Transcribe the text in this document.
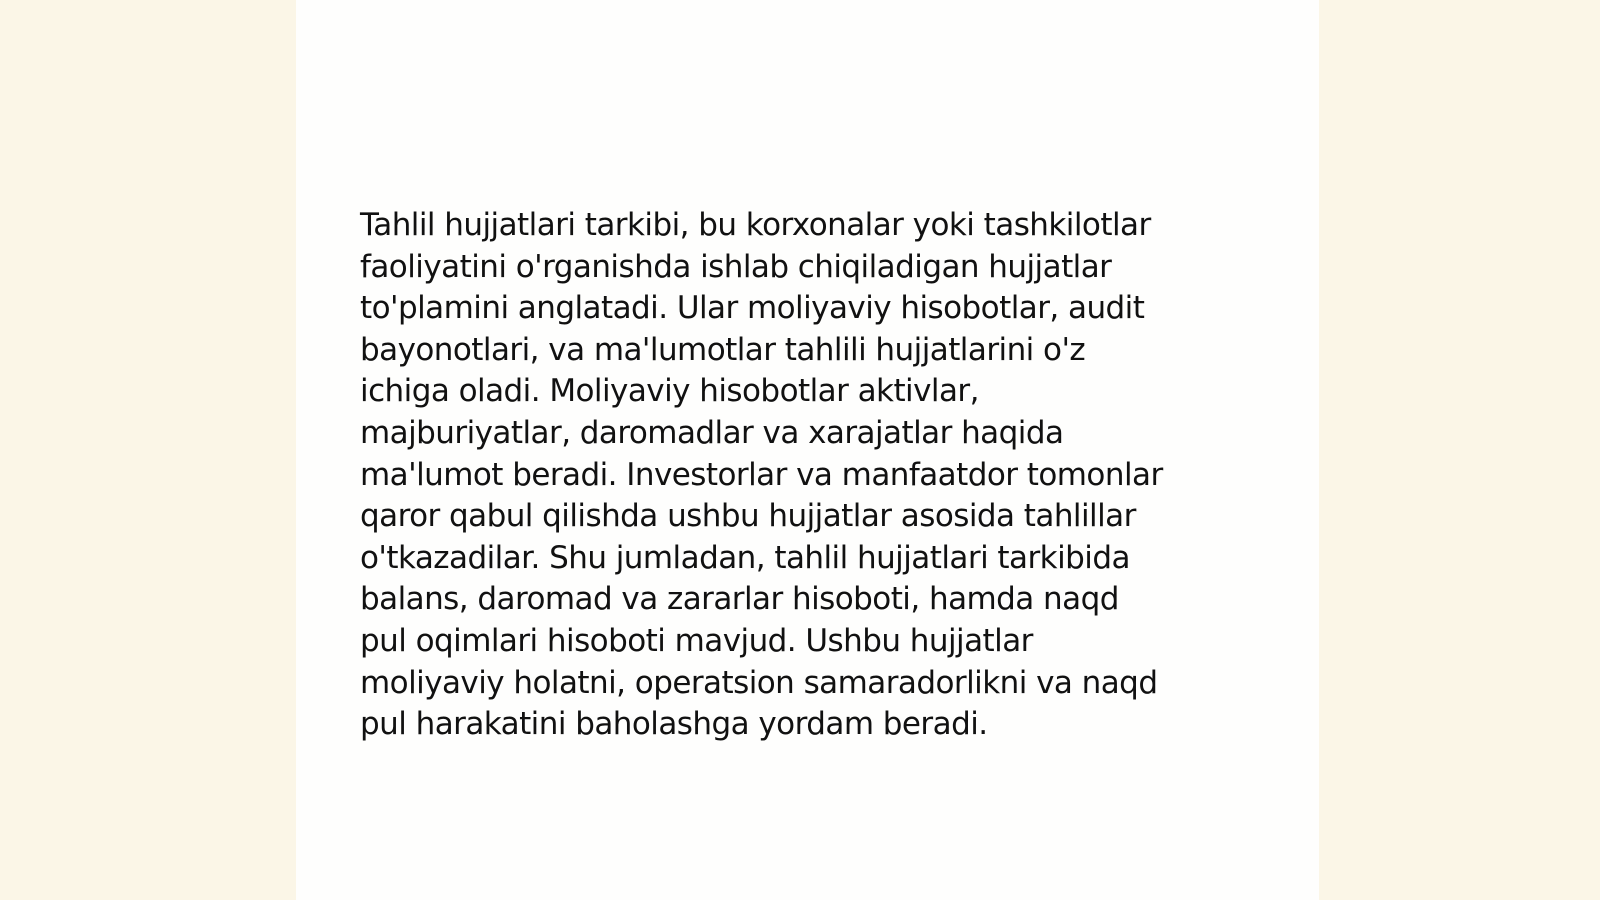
Tahlil hujjatlari tarkibi, bu korxonalar yoki tashkilotlar
faoliyatini o'rganishda ishlab chiqiladigan hujjatlar
to'plamini anglatadi. Ular moliyaviy hisobotlar, audit
bayonotlari, va ma'lumotlar tahlili hujjatlarini o'z
ichiga oladi. Moliyaviy hisobotlar aktivlar,
majburiyatlar, daromadlar va xarajatlar haqida
ma'lumot beradi. Investorlar va manfaatdor tomonlar
qaror qabul qilishda ushbu hujjatlar asosida tahlillar
o'tkazadilar. Shu jumladan, tahlil hujjatlari tarkibida
balans, daromad va zararlar hisoboti, hamda naqd
pul oqimlari hisoboti mavjud. Ushbu hujjatlar
moliyaviy holatni, operatsion samaradorlikni va naqd
pul harakatini baholashga yordam beradi.
